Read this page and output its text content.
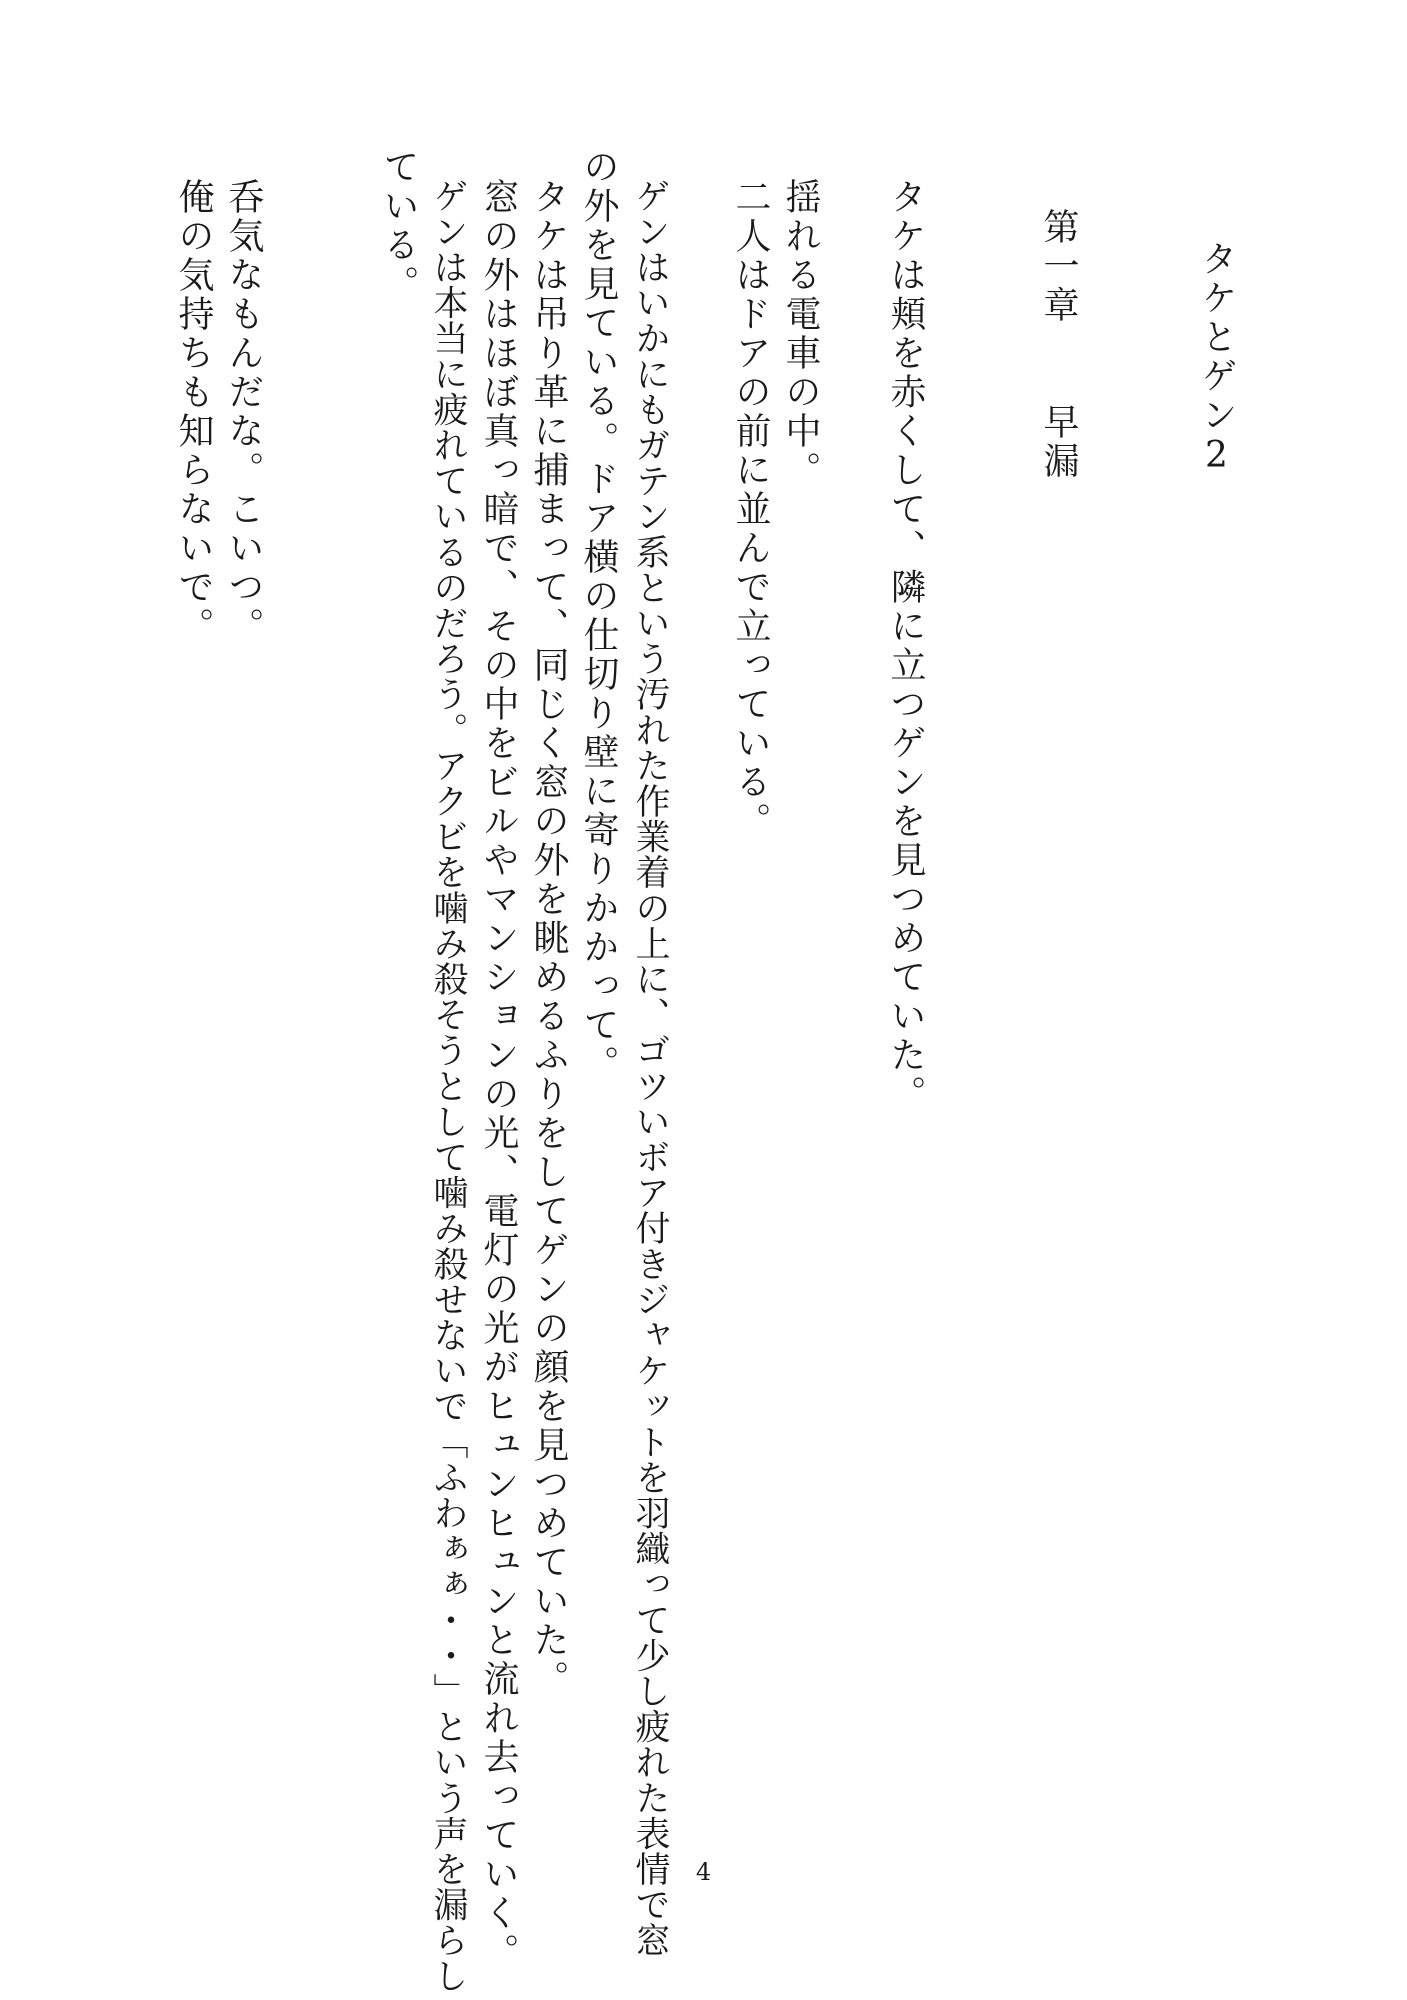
タケとゲン2
第一章　　早漏
タケは頬を赤くして、隣に立つゲンを見つめていた。
揺れる電車の中。
二人はドアの前に並んで立っている。
ゲンはいかにもガテン系という汚れた作業着の上に、ゴツいボア付きジャケットを羽織って少し疲れた表情で窓
の外を見ている。ドア横の仕切り壁に寄りかかって。
タケは吊り革に捕まって、同じく窓の外を眺めるふりをしてゲンの顔を見つめていた。
窓の外はほぼ真っ暗で、その中をビルやマンションの光、電灯の光がヒュンヒュンと流れ去っていく。
ゲンは本当に疲れているのだろう。アクビを噛み殺そうとして噛み殺せないで「ふわぁぁ・・」という声を漏らし
ている。
呑気なもんだな。こいつ。
俺の気持ちも知らないで。
4
